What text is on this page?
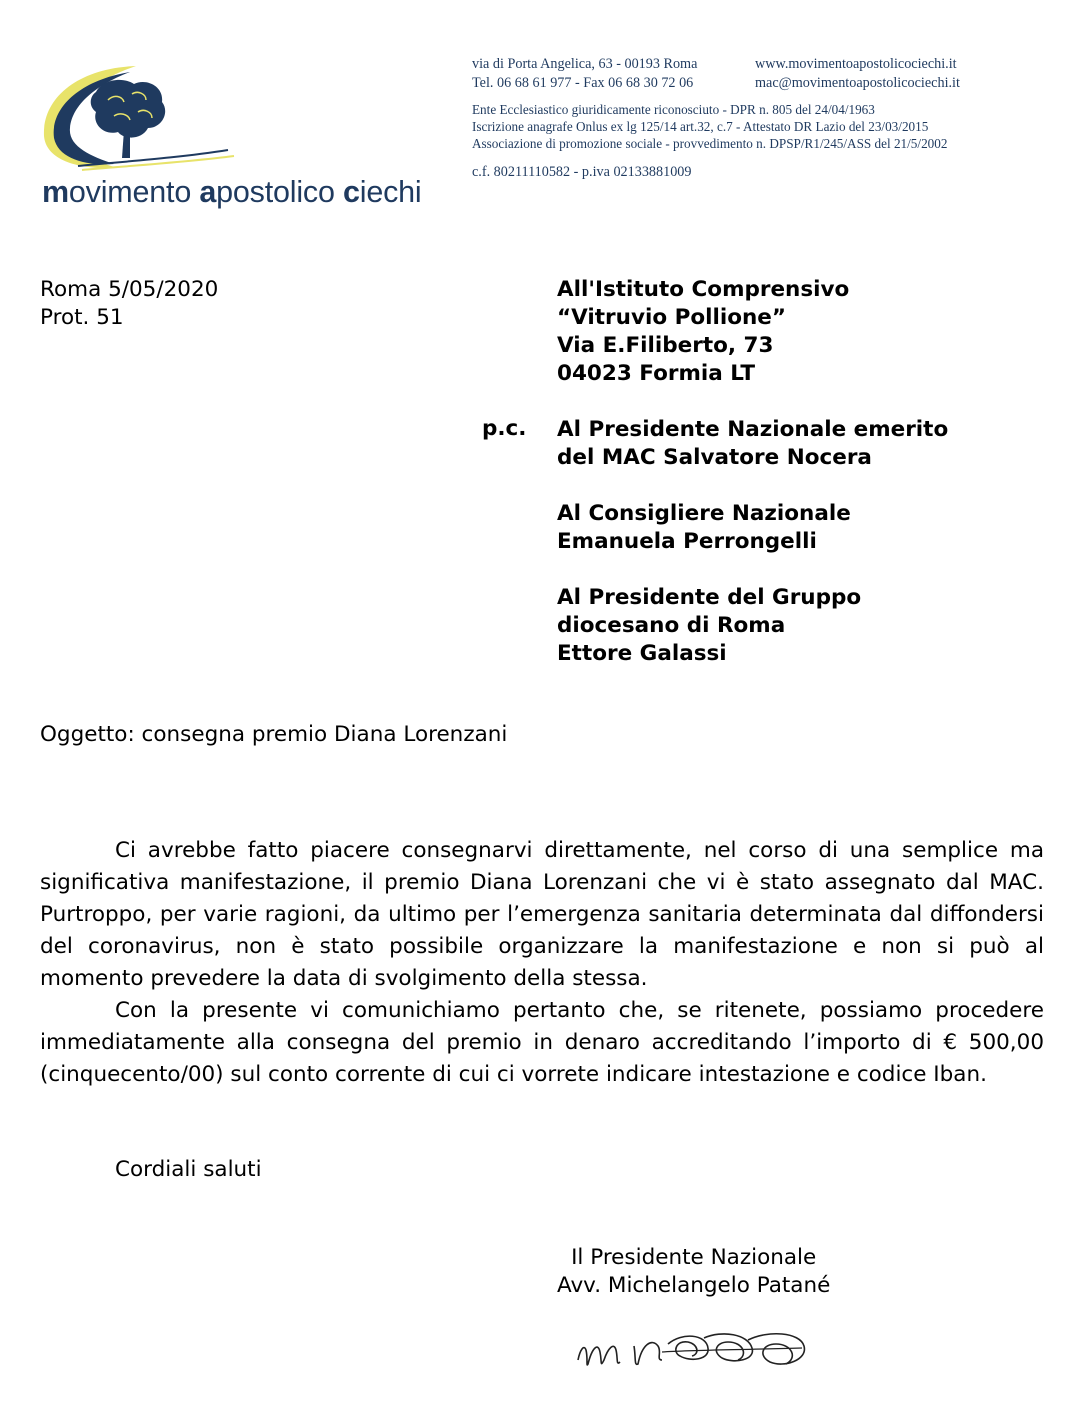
movimento apostolico ciechi
via di Porta Angelica, 63 - 00193 Roma	www.movimentoapostolicociechi.it
Tel. 06 68 61 977 - Fax 06 68 30 72 06	mac@movimentoapostolicociechi.it
Ente Ecclesiastico giuridicamente riconosciuto - DPR n. 805 del 24/04/1963
Iscrizione anagrafe Onlus ex lg 125/14 art.32, c.7 - Attestato DR Lazio del 23/03/2015
Associazione di promozione sociale - provvedimento n. DPSP/R1/245/ASS del 21/5/2002
c.f. 80211110582 - p.iva 02133881009
Roma 5/05/2020
Prot. 51
All'Istituto Comprensivo
“Vitruvio Pollione”
Via E.Filiberto, 73
04023 Formia LT
Al Presidente Nazionale emerito
del MAC Salvatore Nocera
Al Consigliere Nazionale
Emanuela Perrongelli
Al Presidente del Gruppo
diocesano di Roma
Ettore Galassi
p.c.
Oggetto: consegna premio Diana Lorenzani

Ci avrebbe fatto piacere consegnarvi direttamente, nel corso di una semplice ma significativa manifestazione, il premio Diana Lorenzani che vi è stato assegnato dal MAC. Purtroppo, per varie ragioni, da ultimo per l’emergenza sanitaria determinata dal diffondersi del coronavirus, non è stato possibile organizzare la manifestazione e non si può al momento prevedere la data di svolgimento della stessa.

Con la presente vi comunichiamo pertanto che, se ritenete, possiamo procedere immediatamente alla consegna del premio in denaro accreditando l’importo di € 500,00 (cinquecento/00) sul conto corrente di cui ci vorrete indicare intestazione e codice Iban.

Cordiali saluti
Il Presidente Nazionale
Avv. Michelangelo Patané
